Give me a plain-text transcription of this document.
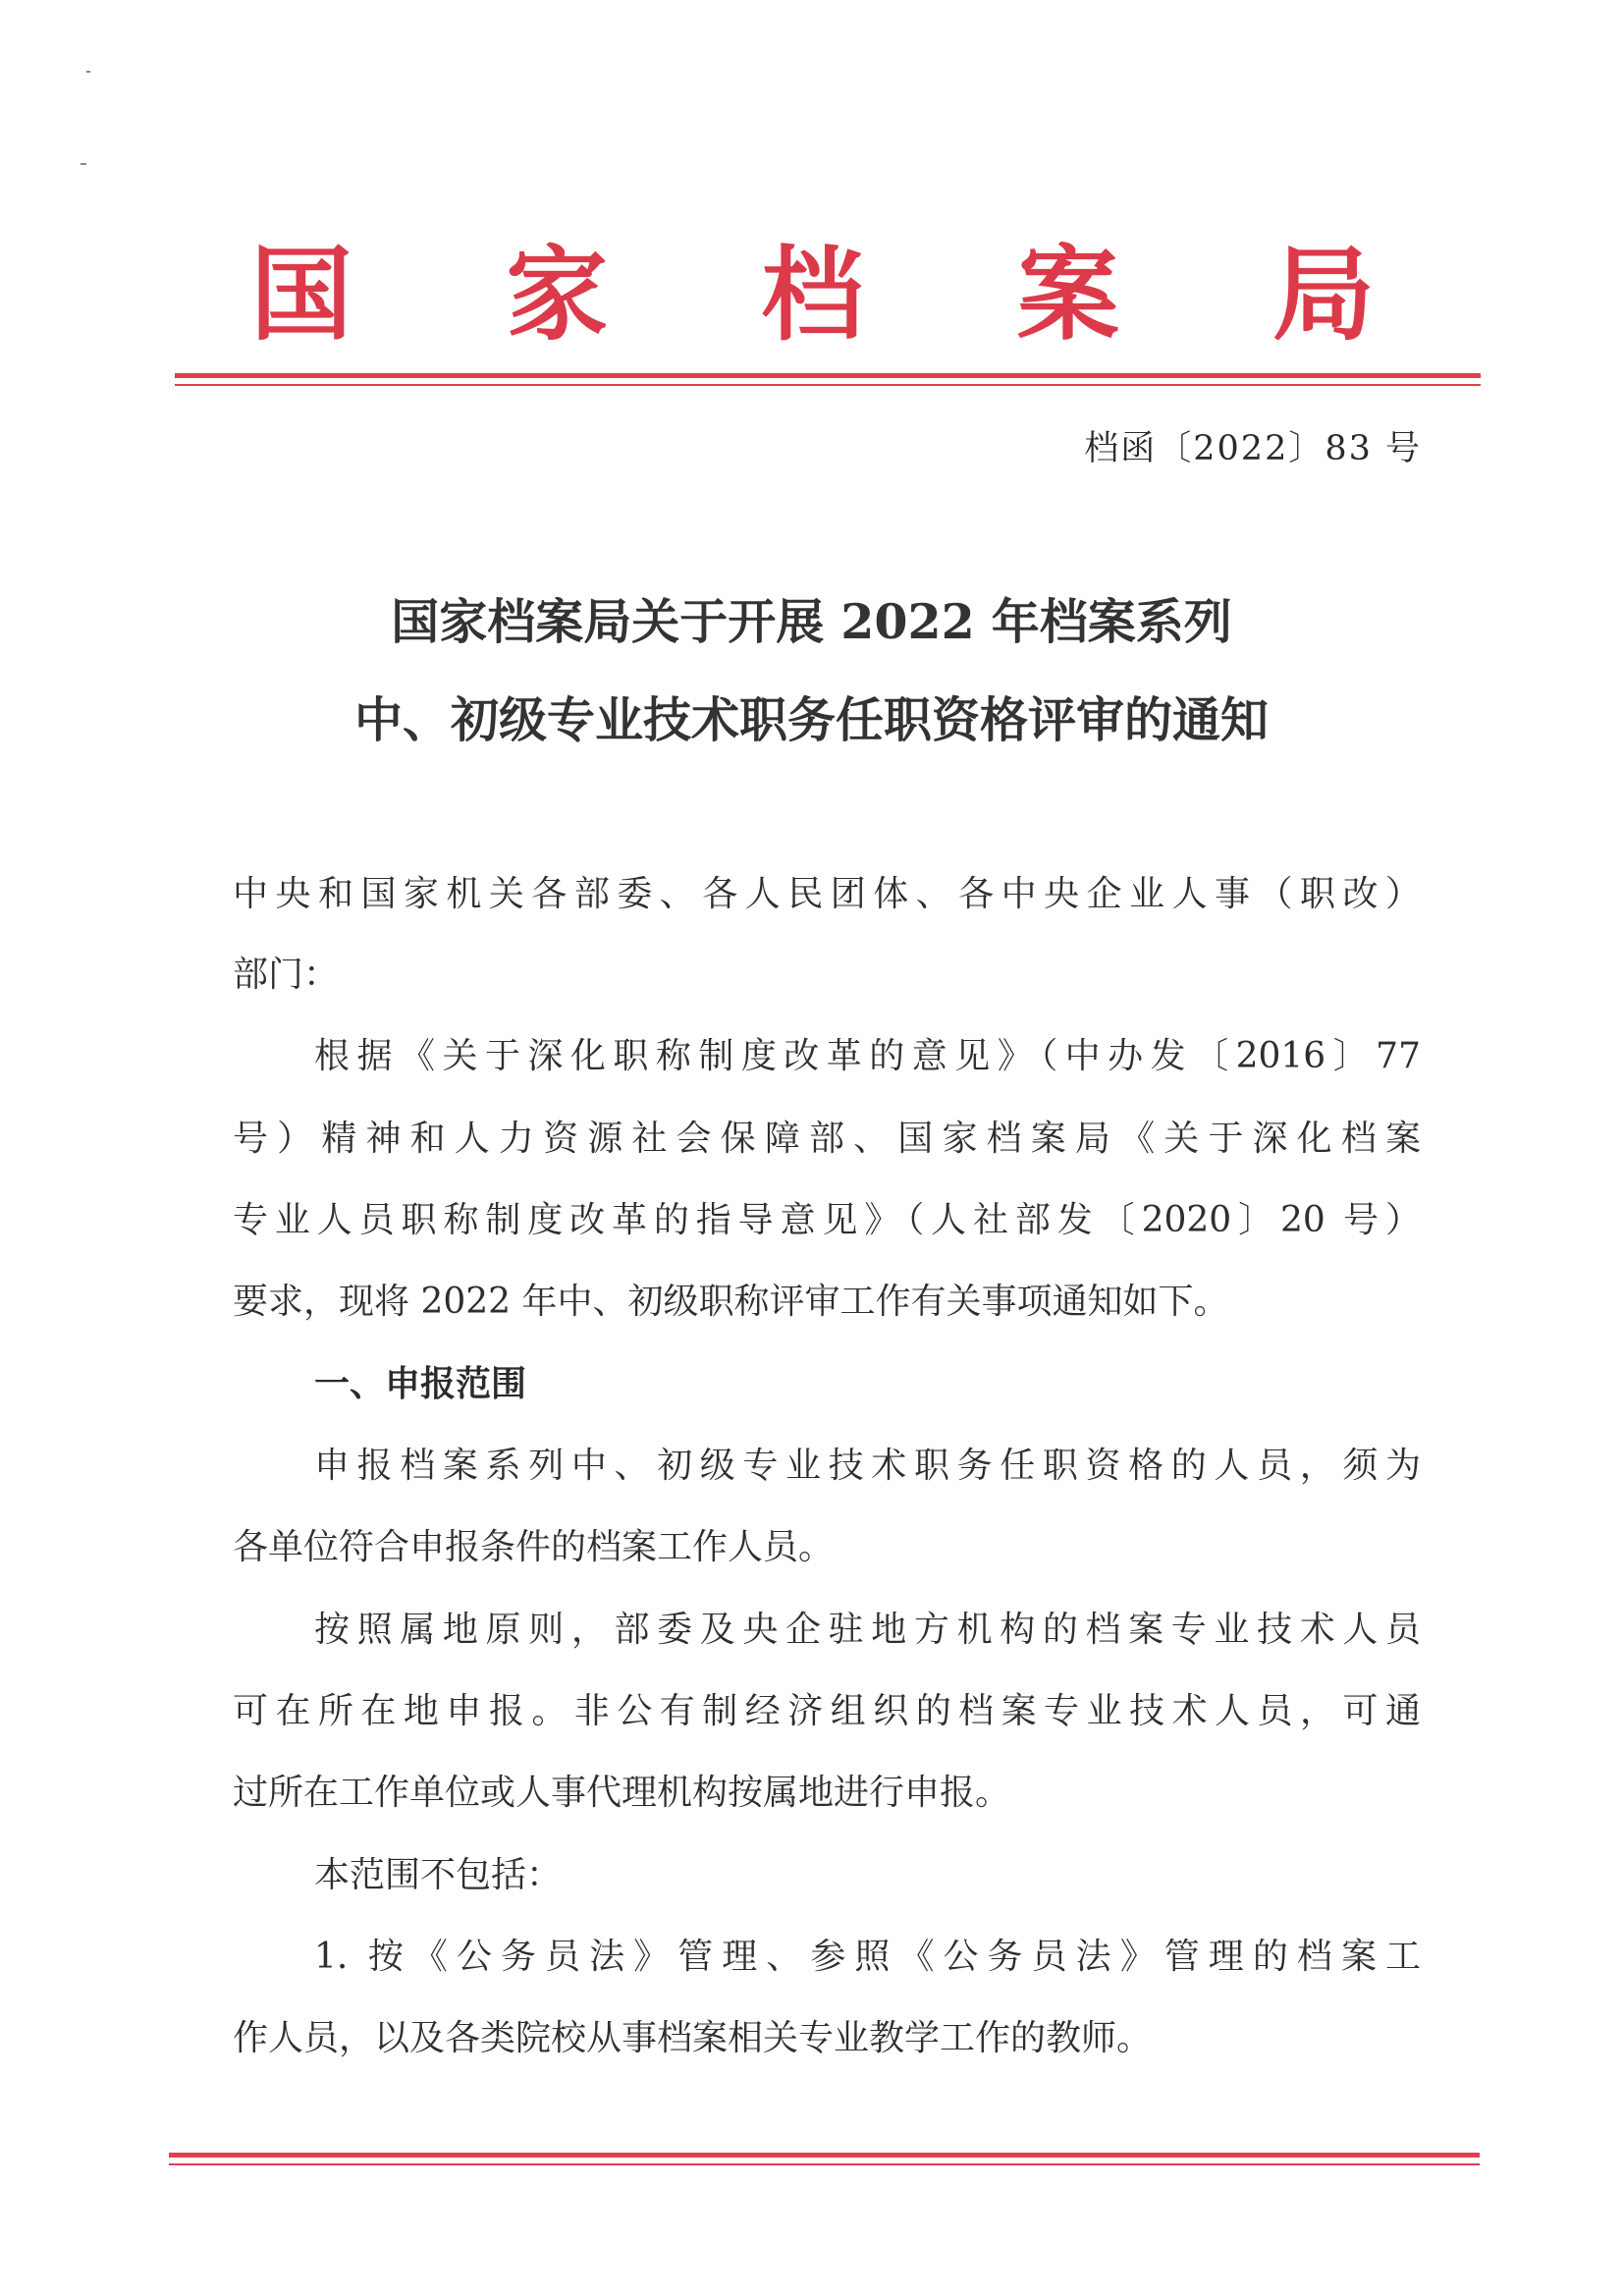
国 家 档 案 局
档函〔2022〕83 号
国家档案局关于开展 2022 年档案系列
中、初级专业技术职务任职资格评审的通知
中央和国家机关各部委、各人民团体、各中央企业人事（职改）
部门：
根据《关于深化职称制度改革的意见》（中办发〔2016〕77
号）精神和人力资源社会保障部、国家档案局《关于深化档案
专业人员职称制度改革的指导意见》（人社部发〔2020〕20 号）
要求，现将 2022 年中、初级职称评审工作有关事项通知如下。
一、申报范围
申报档案系列中、初级专业技术职务任职资格的人员，须为
各单位符合申报条件的档案工作人员。
按照属地原则，部委及央企驻地方机构的档案专业技术人员
可在所在地申报。非公有制经济组织的档案专业技术人员，可通
过所在工作单位或人事代理机构按属地进行申报。
本范围不包括：
1. 按《公务员法》管理、参照《公务员法》管理的档案工
作人员，以及各类院校从事档案相关专业教学工作的教师。
